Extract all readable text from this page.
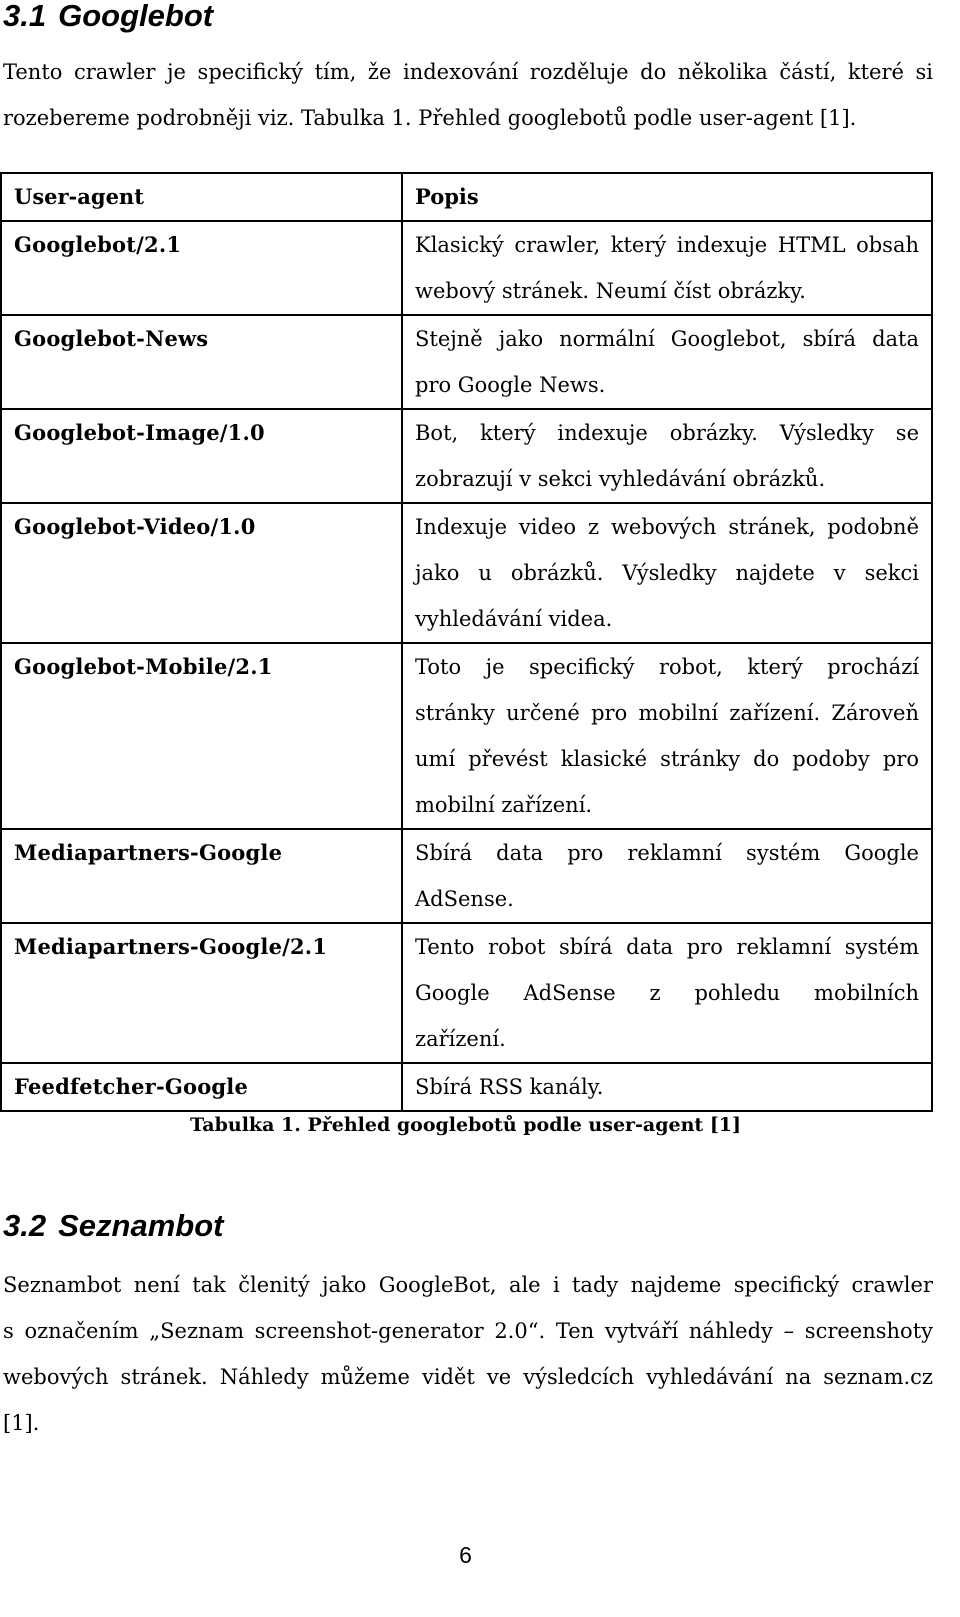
3.1 Googlebot

Tento crawler je specifický tím, že indexování rozděluje do několika částí, které si
rozebereme podrobněji viz. Tabulka 1. Přehled googlebotů podle user-agent [1].

User-agent	Popis
Googlebot/2.1	Klasický crawler, který indexuje HTML obsah
webový stránek. Neumí číst obrázky.

Googlebot-News	Stejně jako normální Googlebot, sbírá data
pro Google News.

Googlebot-Image/1.0	Bot, který indexuje obrázky. Výsledky se
zobrazují v sekci vyhledávání obrázků.

Googlebot-Video/1.0	Indexuje video z webových stránek, podobně
jako u obrázků. Výsledky najdete v sekci
vyhledávání videa.

Googlebot-Mobile/2.1	Toto je specifický robot, který prochází
stránky určené pro mobilní zařízení. Zároveň
umí převést klasické stránky do podoby pro
mobilní zařízení.

Mediapartners-Google	Sbírá data pro reklamní systém Google
AdSense.

Mediapartners-Google/2.1	Tento robot sbírá data pro reklamní systém
Google AdSense z pohledu mobilních
zařízení.

Feedfetcher-Google	Sbírá RSS kanály.

Tabulka 1. Přehled googlebotů podle user-agent [1]

3.2 Seznambot

Seznambot není tak členitý jako GoogleBot, ale i tady najdeme specifický crawler
s označením „Seznam screenshot-generator 2.0“. Ten vytváří náhledy – screenshoty
webových stránek. Náhledy můžeme vidět ve výsledcích vyhledávání na seznam.cz
[1].

6
